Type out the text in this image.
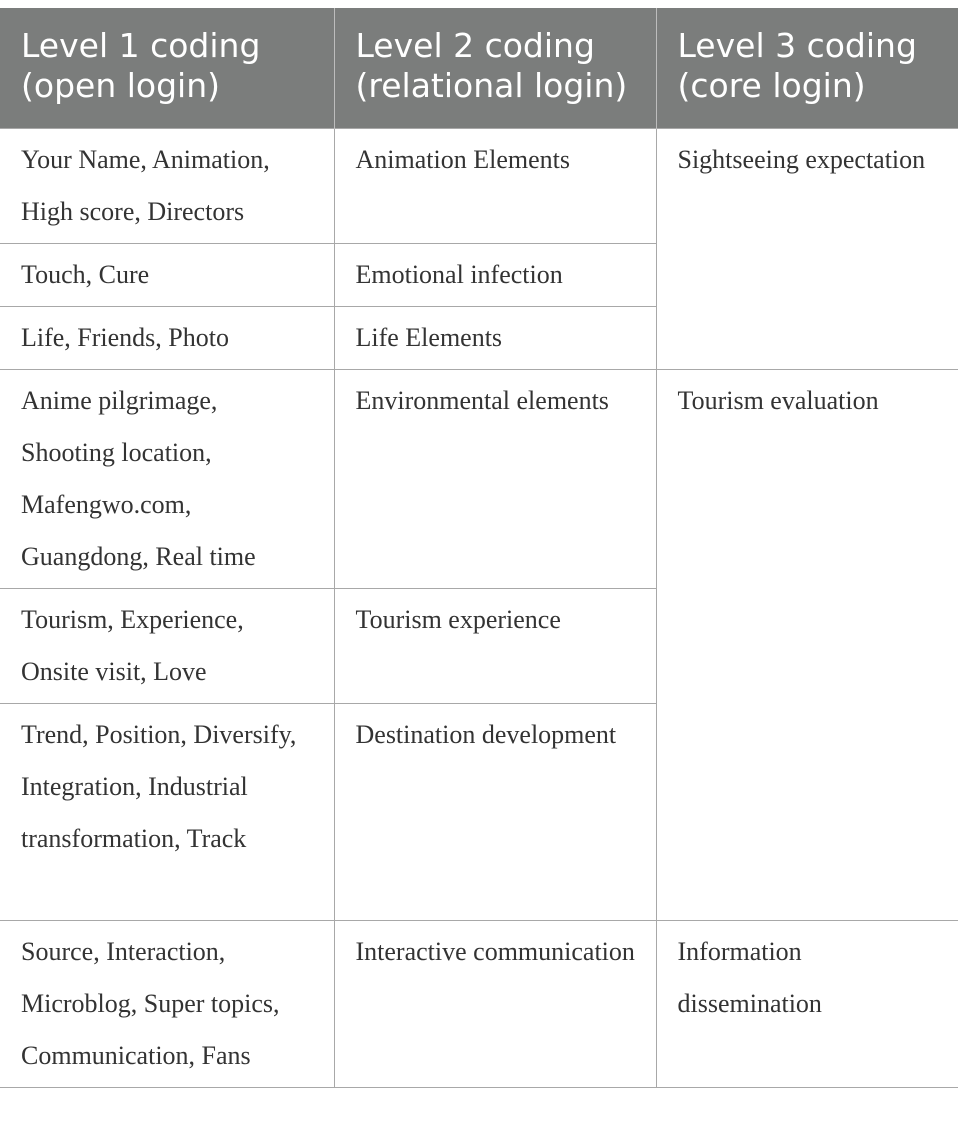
Level 1 coding (open login)	Level 2 coding (relational login)	Level 3 coding (core login)
Your Name, Animation, High score, Directors	Animation Elements	Sightseeing expectation
Touch, Cure	Emotional infection	
Life, Friends, Photo	Life Elements	
Anime pilgrimage, Shooting location, Mafengwo.com, Guangdong, Real time	Environmental elements	Tourism evaluation
Tourism, Experience, Onsite visit, Love	Tourism experience	
Trend, Position, Diversify, Integration, Industrial transformation, Track	Destination development	
Source, Interaction, Microblog, Super topics, Communication, Fans	Interactive communication	Information dissemination
